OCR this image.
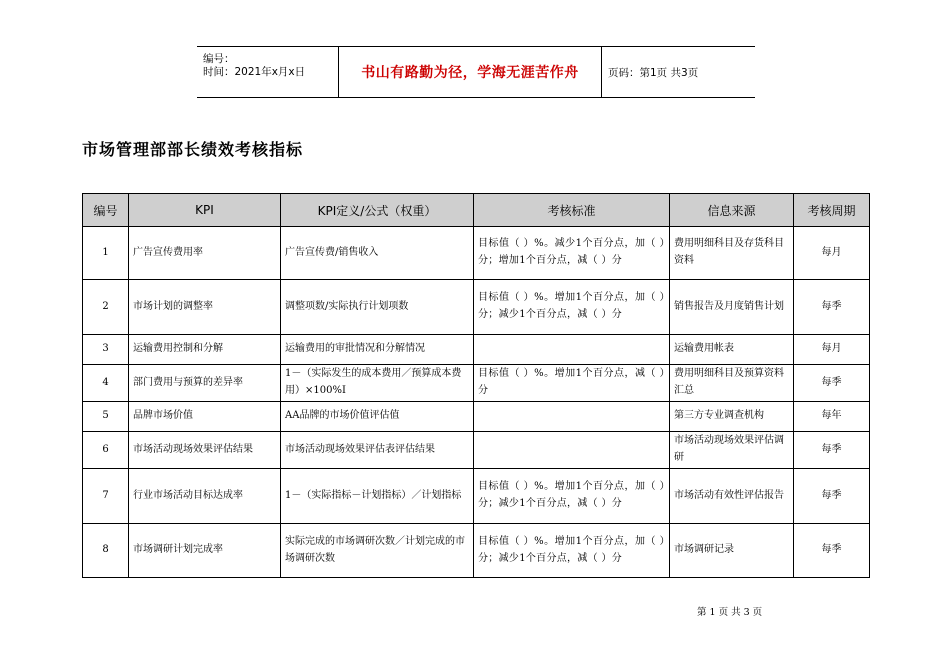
编号：
时间：2021年x月x日	书山有路勤为径，学海无涯苦作舟	页码：第1页 共3页
市场管理部部长绩效考核指标
编号	KPI	KPI定义/公式（权重）	考核标准	信息来源	考核周期
1	广告宣传费用率	广告宣传费/销售收入	目标值（ ）%。减少1个百分点，加（ ）分；增加1个百分点，减（ ）分	费用明细科目及存货科目资料	每月
2	市场计划的调整率	调整项数/实际执行计划项数	目标值（ ）%。增加1个百分点，加（ ）分；减少1个百分点，减（ ）分	销售报告及月度销售计划	每季
3	运输费用控制和分解	运输费用的审批情况和分解情况		运输费用帐表	每月
4	部门费用与预算的差异率	1－（实际发生的成本费用／预算成本费用）×100%I	目标值（ ）%。增加1个百分点，减（ ）分	费用明细科目及预算资料汇总	每季
5	品牌市场价值	AA品牌的市场价值评估值		第三方专业调查机构	每年
6	市场活动现场效果评估结果	市场活动现场效果评估表评估结果		市场活动现场效果评估调研	每季
7	行业市场活动目标达成率	1－（实际指标－计划指标）／计划指标	目标值（ ）%。增加1个百分点，加（ ）分；减少1个百分点，减（ ）分	市场活动有效性评估报告	每季
8	市场调研计划完成率	实际完成的市场调研次数／计划完成的市场调研次数	目标值（ ）%。增加1个百分点，加（ ）分；减少1个百分点，减（ ）分	市场调研记录	每季
第 1 页 共 3 页
